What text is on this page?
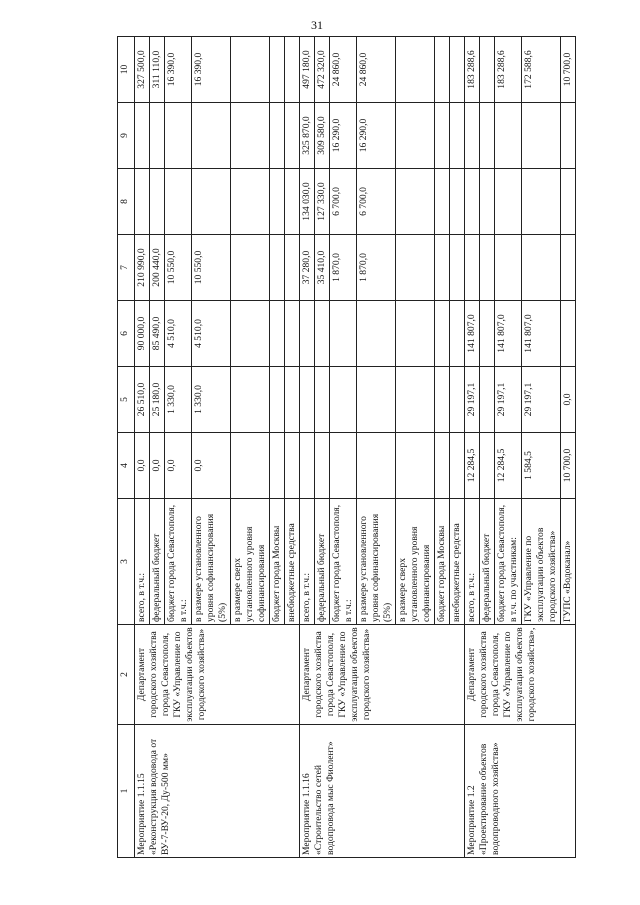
31
1	2	3	4	5	6	7	8	9	10
Мероприятие 1.1.15 «Реконструкция водовода от ВУ-7-ВУ-20, Ду-500 мм»	Департамент городского хозяйства города Севастополя, ГКУ «Управление по эксплуатации объектов городского хозяйства»	всего, в т.ч.:	0,0	26 510,0	90 000,0	210 990,0			327 500,0
		федеральный бюджет	0,0	25 180,0	85 490,0	200 440,0			311 110,0
		бюджет города Севастополя, в т.ч.:	0,0	1 330,0	4 510,0	10 550,0			16 390,0
		в размере установленного уровня софинансирования (5%)	0,0	1 330,0	4 510,0	10 550,0			16 390,0
		в размере сверх установленного уровня софинансирования							
		бюджет города Москвы							
		внебюджетные средства							
Мероприятие 1.1.16 «Строительство сетей водопровода мыс Фиолент»	Департамент городского хозяйства города Севастополя, ГКУ «Управление по эксплуатации объектов городского хозяйства»	всего, в т.ч.:				37 280,0	134 030,0	325 870,0	497 180,0
		федеральный бюджет				35 410,0	127 330,0	309 580,0	472 320,0
		бюджет города Севастополя, в т.ч.:				1 870,0	6 700,0	16 290,0	24 860,0
		в размере установленного уровня софинансирования (5%)				1 870,0	6 700,0	16 290,0	24 860,0
		в размере сверх установленного уровня софинансирования							
		бюджет города Москвы							
		внебюджетные средства							
Мероприятие 1.2 «Проектирование объектов водопроводного хозяйства»	Департамент городского хозяйства города Севастополя, ГКУ «Управление по эксплуатации объектов городского хозяйства»,	всего, в т.ч.:	12 284,5	29 197,1	141 807,0				183 288,6
		федеральный бюджет							
		бюджет города Севастополя, в т.ч. по участникам:	12 284,5	29 197,1	141 807,0				183 288,6
		ГКУ «Управление по эксплуатации объектов городского хозяйства»	1 584,5	29 197,1	141 807,0				172 588,6
		ГУПС «Водоканал»	10 700,0	0,0					10 700,0
